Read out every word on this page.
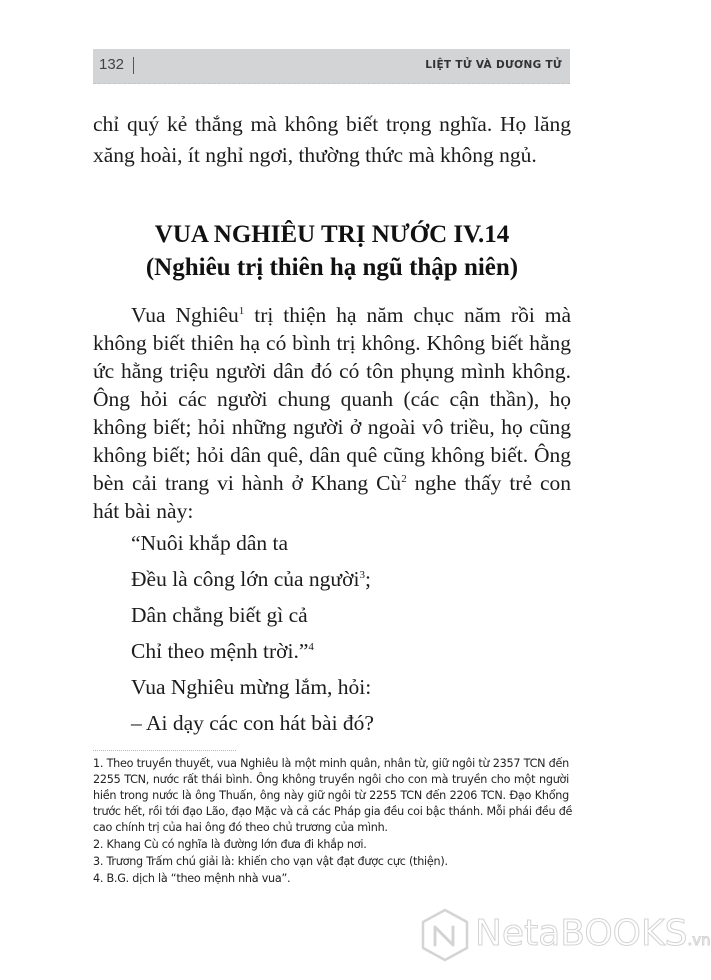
132	LIỆT TỬ VÀ DƯƠNG TỬ
chỉ quý kẻ thắng mà không biết trọng nghĩa. Họ lăng
xăng hoài, ít nghỉ ngơi, thường thức mà không ngủ.
VUA NGHIÊU TRỊ NƯỚC IV.14
(Nghiêu trị thiên hạ ngũ thập niên)
Vua Nghiêu$^1$ trị thiện hạ năm chục năm rồi mà
không biết thiên hạ có bình trị không. Không biết hằng
ức hằng triệu người dân đó có tôn phụng mình không.
Ông hỏi các người chung quanh (các cận thần), họ
không biết; hỏi những người ở ngoài vô triều, họ cũng
không biết; hỏi dân quê, dân quê cũng không biết. Ông
bèn cải trang vi hành ở Khang Cù$^2$ nghe thấy trẻ con
hát bài này:
“Nuôi khắp dân ta
Đều là công lớn của người$^3$;
Dân chẳng biết gì cả
Chỉ theo mệnh trời.”$^4$
Vua Nghiêu mừng lắm, hỏi:
– Ai dạy các con hát bài đó?
1. Theo truyền thuyết, vua Nghiêu là một minh quân, nhân từ, giữ ngôi từ 2357 TCN đến
2255 TCN, nước rất thái bình. Ông không truyền ngôi cho con mà truyền cho một người
hiền trong nước là ông Thuấn, ông này giữ ngôi từ 2255 TCN đến 2206 TCN. Đạo Khổng
trước hết, rồi tới đạo Lão, đạo Mặc và cả các Pháp gia đều coi bậc thánh. Mỗi phái đều đề
cao chính trị của hai ông đó theo chủ trương của mình.
2. Khang Cù có nghĩa là đường lớn đưa đi khắp nơi.
3. Trương Trấm chú giải là: khiến cho vạn vật đạt được cực (thiện).
4. B.G. dịch là “theo mệnh nhà vua”.
NetaBOOKS.vn
